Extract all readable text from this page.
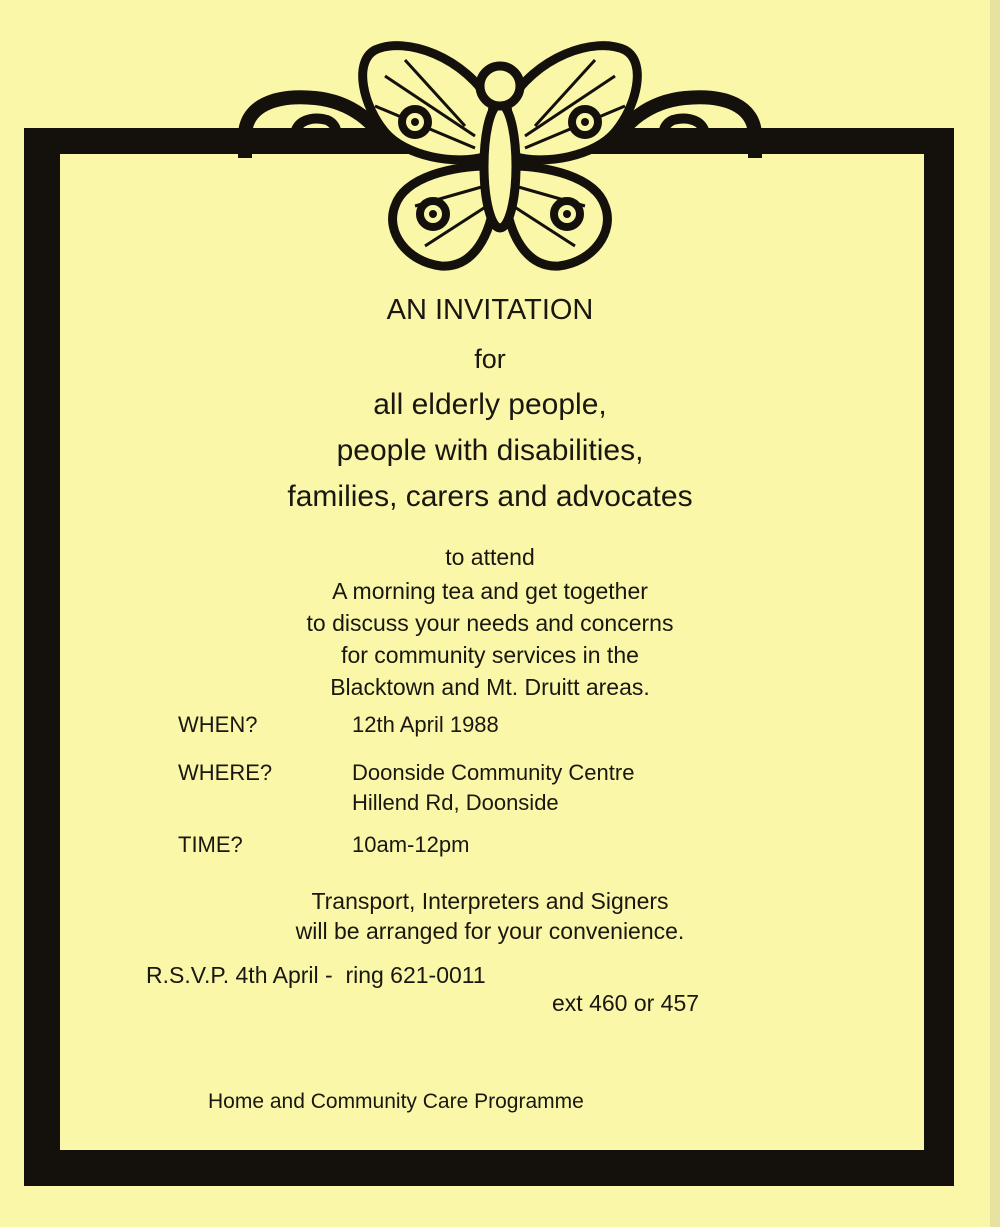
AN INVITATION
for
all elderly people,
people with disabilities,
families, carers and advocates
to attend
A morning tea and get together
to discuss your needs and concerns
for community services in the
Blacktown and Mt. Druitt areas.
WHEN?	12th April 1988
WHERE?	Doonside Community Centre
Hillend Rd, Doonside
TIME?	10am-12pm
Transport, Interpreters and Signers
will be arranged for your convenience.
R.S.V.P. 4th April -  ring 621-0011
ext 460 or 457
Home and Community Care Programme
